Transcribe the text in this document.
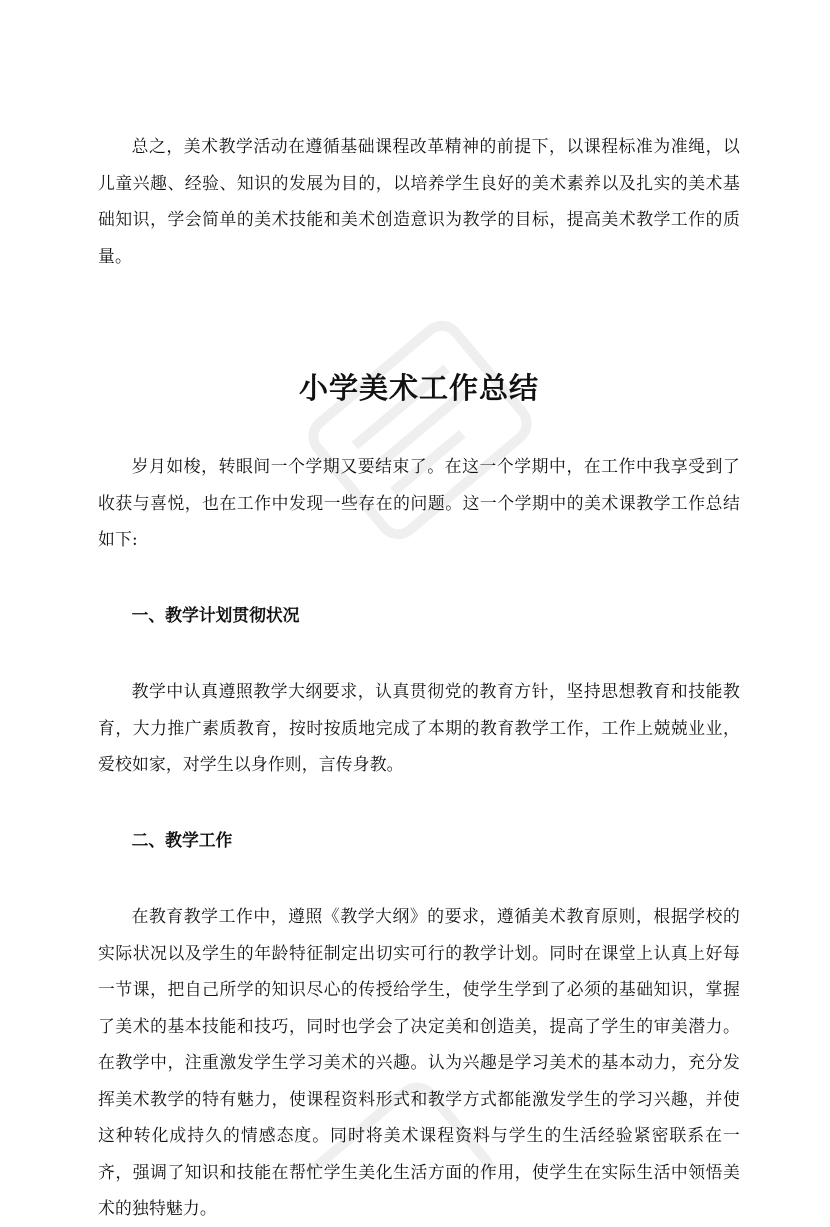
总之，美术教学活动在遵循基础课程改革精神的前提下，以课程标准为准绳，以儿童兴趣、经验、知识的发展为目的，以培养学生良好的美术素养以及扎实的美术基础知识，学会简单的美术技能和美术创造意识为教学的目标，提高美术教学工作的质量。

小学美术工作总结

岁月如梭，转眼间一个学期又要结束了。在这一个学期中，在工作中我享受到了收获与喜悦，也在工作中发现一些存在的问题。这一个学期中的美术课教学工作总结如下:

一、教学计划贯彻状况

教学中认真遵照教学大纲要求，认真贯彻党的教育方针，坚持思想教育和技能教育，大力推广素质教育，按时按质地完成了本期的教育教学工作，工作上兢兢业业，爱校如家，对学生以身作则，言传身教。

二、教学工作

在教育教学工作中，遵照《教学大纲》的要求，遵循美术教育原则，根据学校的实际状况以及学生的年龄特征制定出切实可行的教学计划。同时在课堂上认真上好每一节课，把自己所学的知识尽心的传授给学生，使学生学到了必须的基础知识，掌握了美术的基本技能和技巧，同时也学会了决定美和创造美，提高了学生的审美潜力。在教学中，注重激发学生学习美术的兴趣。认为兴趣是学习美术的基本动力，充分发挥美术教学的特有魅力，使课程资料形式和教学方式都能激发学生的学习兴趣，并使这种转化成持久的情感态度。同时将美术课程资料与学生的生活经验紧密联系在一齐，强调了知识和技能在帮忙学生美化生活方面的作用，使学生在实际生活中领悟美术的独特魅力。
